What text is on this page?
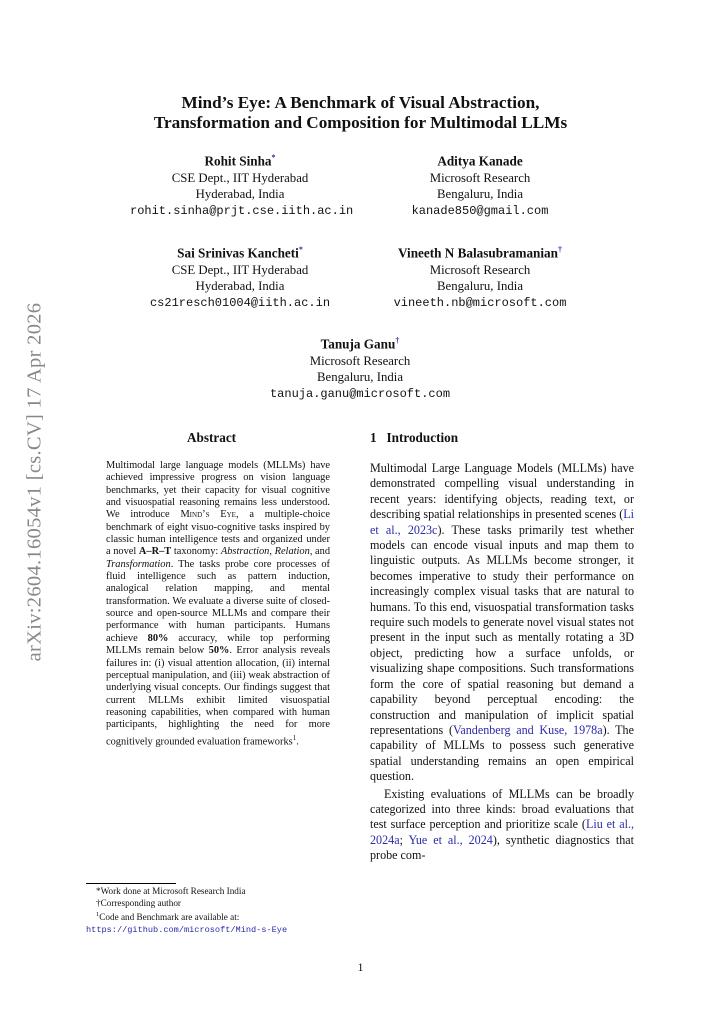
arXiv:2604.16054v1 [cs.CV] 17 Apr 2026
Mind’s Eye: A Benchmark of Visual Abstraction,
Transformation and Composition for Multimodal LLMs
Rohit Sinha*
CSE Dept., IIT Hyderabad
Hyderabad, India
rohit.sinha@prjt.cse.iith.ac.in
Aditya Kanade
Microsoft Research
Bengaluru, India
kanade850@gmail.com
Sai Srinivas Kancheti*
CSE Dept., IIT Hyderabad
Hyderabad, India
cs21resch01004@iith.ac.in
Vineeth N Balasubramanian†
Microsoft Research
Bengaluru, India
vineeth.nb@microsoft.com
Tanuja Ganu†
Microsoft Research
Bengaluru, India
tanuja.ganu@microsoft.com
Abstract
Multimodal large language models (MLLMs) have achieved impressive progress on vision language benchmarks, yet their capacity for visual cognitive and visuospatial reasoning remains less understood. We introduce Mind’s Eye, a multiple-choice benchmark of eight visuo-cognitive tasks inspired by classic human intelligence tests and organized under a novel A–R–T taxonomy: Abstraction, Relation, and Transformation. The tasks probe core processes of fluid intelligence such as pattern induction, analogical relation mapping, and mental transformation. We evaluate a diverse suite of closed-source and open-source MLLMs and compare their performance with human participants. Humans achieve 80% accuracy, while top performing MLLMs remain below 50%. Error analysis reveals failures in: (i) visual attention allocation, (ii) internal perceptual manipulation, and (iii) weak abstraction of underlying visual concepts. Our findings suggest that current MLLMs exhibit limited visuospatial reasoning capabilities, when compared with human participants, highlighting the need for more cognitively grounded evaluation frameworks$^1$.
1   Introduction

Multimodal Large Language Models (MLLMs) have demonstrated compelling visual understanding in recent years: identifying objects, reading text, or describing spatial relationships in presented scenes (Li et al., 2023c). These tasks primarily test whether models can encode visual inputs and map them to linguistic outputs. As MLLMs become stronger, it becomes imperative to study their performance on increasingly complex visual tasks that are natural to humans. To this end, visuospatial transformation tasks require such models to generate novel visual states not present in the input such as mentally rotating a 3D object, predicting how a surface unfolds, or visualizing shape compositions. Such transformations form the core of spatial reasoning but demand a capability beyond perceptual encoding: the construction and manipulation of implicit spatial representations (Vandenberg and Kuse, 1978a). The capability of MLLMs to possess such generative spatial understanding remains an open empirical question.

Existing evaluations of MLLMs can be broadly categorized into three kinds: broad evaluations that test surface perception and prioritize scale (Liu et al., 2024a; Yue et al., 2024), synthetic diagnostics that probe com-

*Work done at Microsoft Research India
†Corresponding author
$^1$Code and Benchmark are available at: https://github.com/microsoft/Mind-s-Eye
1
